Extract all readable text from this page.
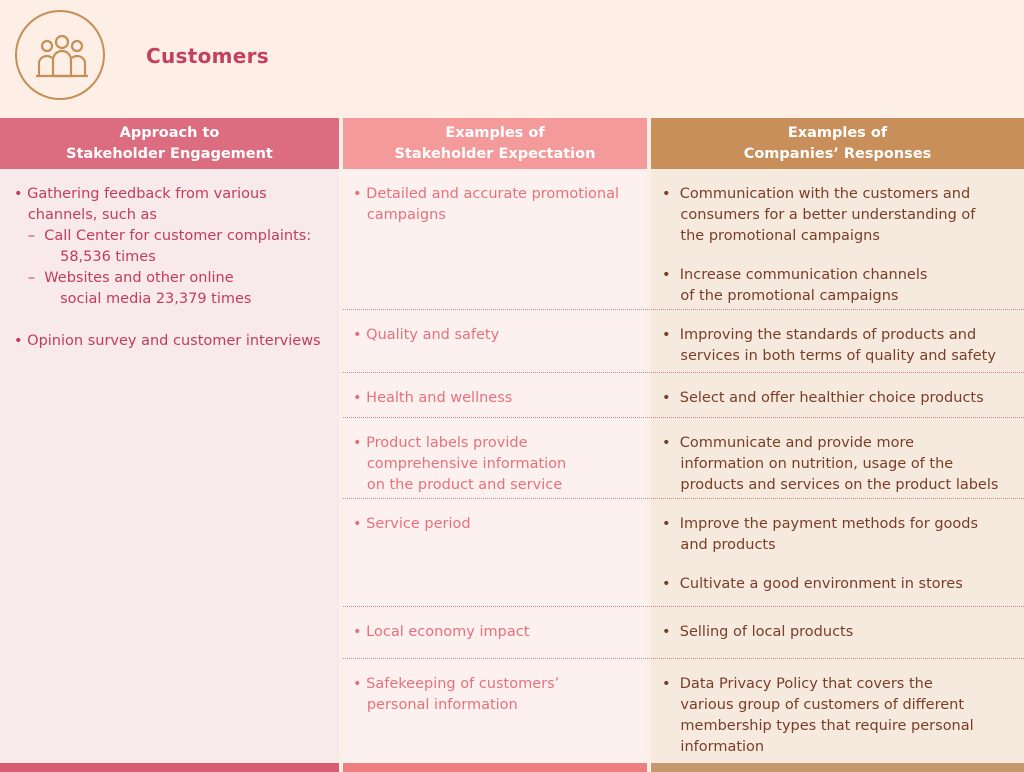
Customers
Approach to
Stakeholder Engagement
• Gathering feedback from various
channels, such as
–  Call Center for customer complaints:
58,536 times
–  Websites and other online
social media 23,379 times
• Opinion survey and customer interviews
Examples of
Stakeholder Expectation
• Detailed and accurate promotional
campaigns
• Quality and safety
• Health and wellness
• Product labels provide
comprehensive information
on the product and service
• Service period
• Local economy impact
• Safekeeping of customers’
personal information
Examples of
Companies’ Responses
•  Communication with the customers and
consumers for a better understanding of
the promotional campaigns
•  Increase communication channels
of the promotional campaigns
•  Improving the standards of products and
services in both terms of quality and safety
•  Select and offer healthier choice products
•  Communicate and provide more
information on nutrition, usage of the
products and services on the product labels
•  Improve the payment methods for goods
and products
•  Cultivate a good environment in stores
•  Selling of local products
•  Data Privacy Policy that covers the
various group of customers of different
membership types that require personal
information
